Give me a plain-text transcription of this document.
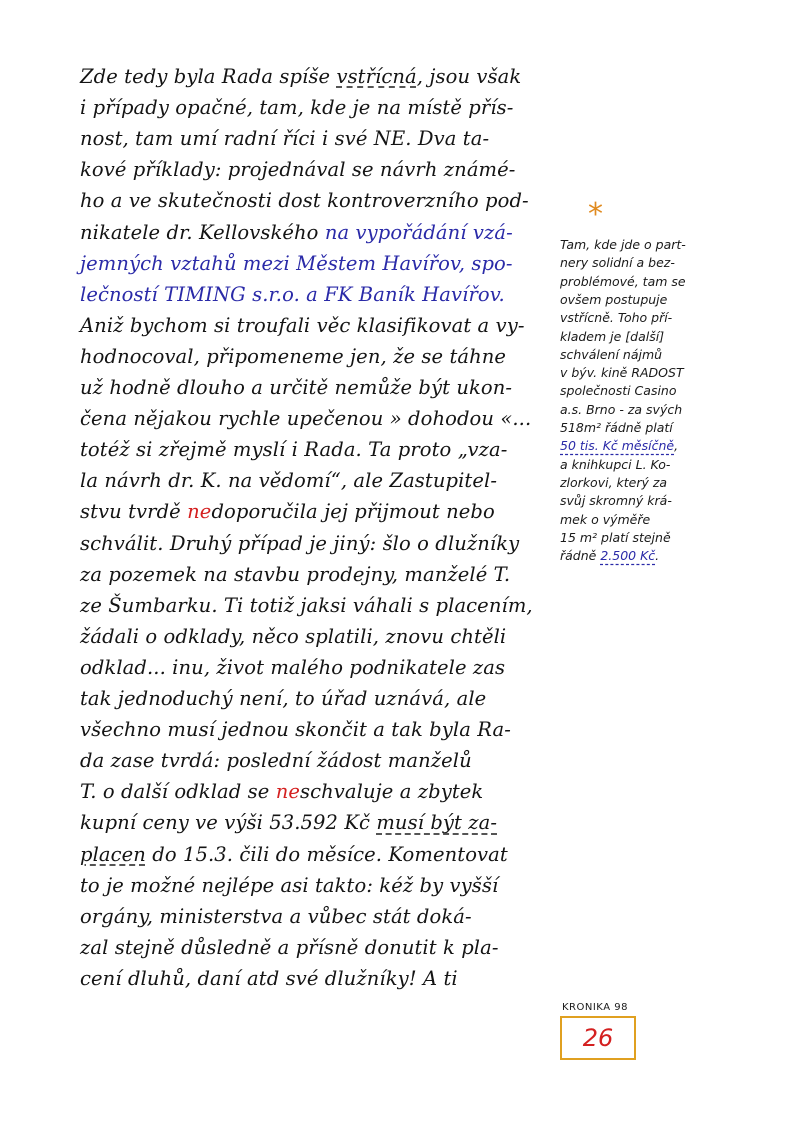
Zde tedy byla Rada spíše vstřícná, jsou však

i případy opačné, tam, kde je na místě přís-

nost, tam umí radní říci i své NE. Dva ta-

kové příklady: projednával se návrh známé-

ho a ve skutečnosti dost kontroverzního pod-

nikatele dr. Kellovského na vypořádání vzá-

jemných vztahů mezi Městem Havířov, spo-

lečností TIMING s.r.o. a FK Baník Havířov.

Aniž bychom si troufali věc klasifikovat a vy-

hodnocoval, připomeneme jen, že se táhne

už hodně dlouho a určitě nemůže být ukon-

čena nějakou rychle upečenou » dohodou «...

totéž si zřejmě myslí i Rada. Ta proto „vza-

la návrh dr. K. na vědomí“, ale Zastupitel-

stvu tvrdě nedoporučila jej přijmout nebo

schválit. Druhý případ je jiný: šlo o dlužníky

za pozemek na stavbu prodejny, manželé T.

ze Šumbarku. Ti totiž jaksi váhali s placením,

žádali o odklady, něco splatili, znovu chtěli

odklad... inu, život malého podnikatele zas

tak jednoduchý není, to úřad uznává, ale

všechno musí jednou skončit a tak byla Ra-

da zase tvrdá: poslední žádost manželů

T. o další odklad se neschvaluje a zbytek

kupní ceny ve výši 53.592 Kč musí být za-

placen do 15.3. čili do měsíce. Komentovat

to je možné nejlépe asi takto: kéž by vyšší

orgány, ministerstva a vůbec stát doká-

zal stejně důsledně a přísně donutit k pla-

cení dluhů, daní atd své dlužníky! A ti

*

Tam, kde jde o part-

nery solidní a bez-

problémové, tam se

ovšem postupuje

vstřícně. Toho pří-

kladem je [další]

schválení nájmů

v býv. kině RADOST

společnosti Casino

a.s. Brno - za svých

518m² řádně platí

50 tis. Kč měsíčně,

a knihkupci L. Ko-

zlorkovi, který za

svůj skromný krá-

mek o výměře

15 m² platí stejně

řádně 2.500 Kč.

KRONIKA 98
26
